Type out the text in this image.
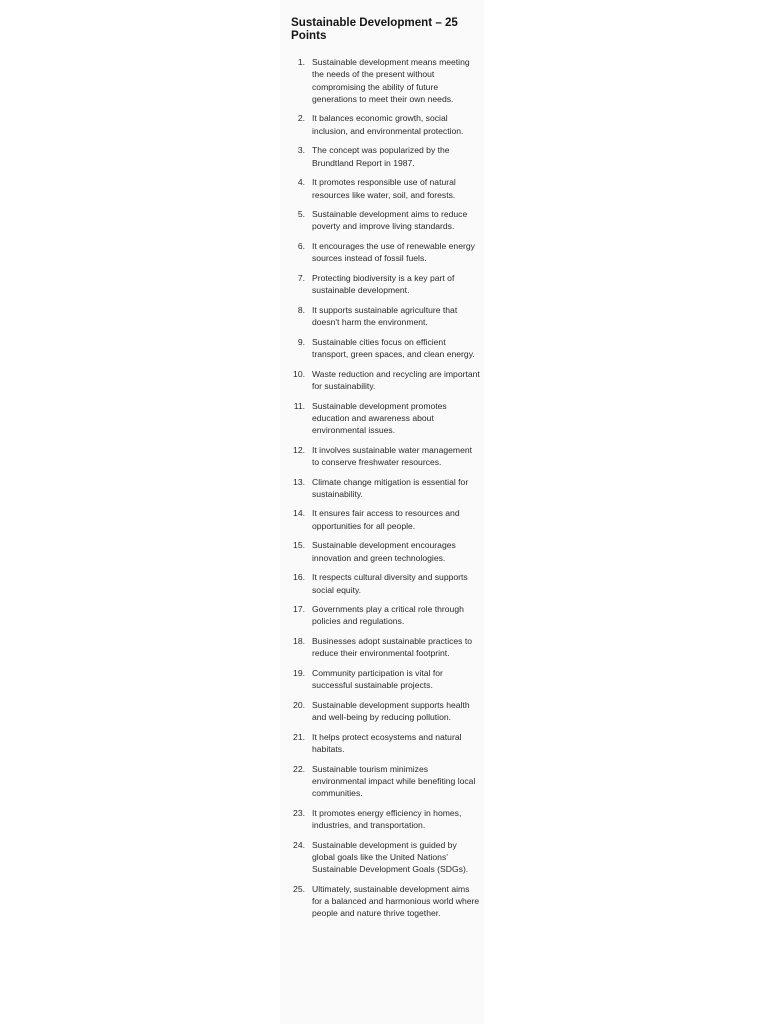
Sustainable Development – 25 Points
1. Sustainable development means meeting the needs of the present without compromising the ability of future generations to meet their own needs.
2. It balances economic growth, social inclusion, and environmental protection.
3. The concept was popularized by the Brundtland Report in 1987.
4. It promotes responsible use of natural resources like water, soil, and forests.
5. Sustainable development aims to reduce poverty and improve living standards.
6. It encourages the use of renewable energy sources instead of fossil fuels.
7. Protecting biodiversity is a key part of sustainable development.
8. It supports sustainable agriculture that doesn't harm the environment.
9. Sustainable cities focus on efficient transport, green spaces, and clean energy.
10. Waste reduction and recycling are important for sustainability.
11. Sustainable development promotes education and awareness about environmental issues.
12. It involves sustainable water management to conserve freshwater resources.
13. Climate change mitigation is essential for sustainability.
14. It ensures fair access to resources and opportunities for all people.
15. Sustainable development encourages innovation and green technologies.
16. It respects cultural diversity and supports social equity.
17. Governments play a critical role through policies and regulations.
18. Businesses adopt sustainable practices to reduce their environmental footprint.
19. Community participation is vital for successful sustainable projects.
20. Sustainable development supports health and well-being by reducing pollution.
21. It helps protect ecosystems and natural habitats.
22. Sustainable tourism minimizes environmental impact while benefiting local communities.
23. It promotes energy efficiency in homes, industries, and transportation.
24. Sustainable development is guided by global goals like the United Nations' Sustainable Development Goals (SDGs).
25. Ultimately, sustainable development aims for a balanced and harmonious world where people and nature thrive together.
